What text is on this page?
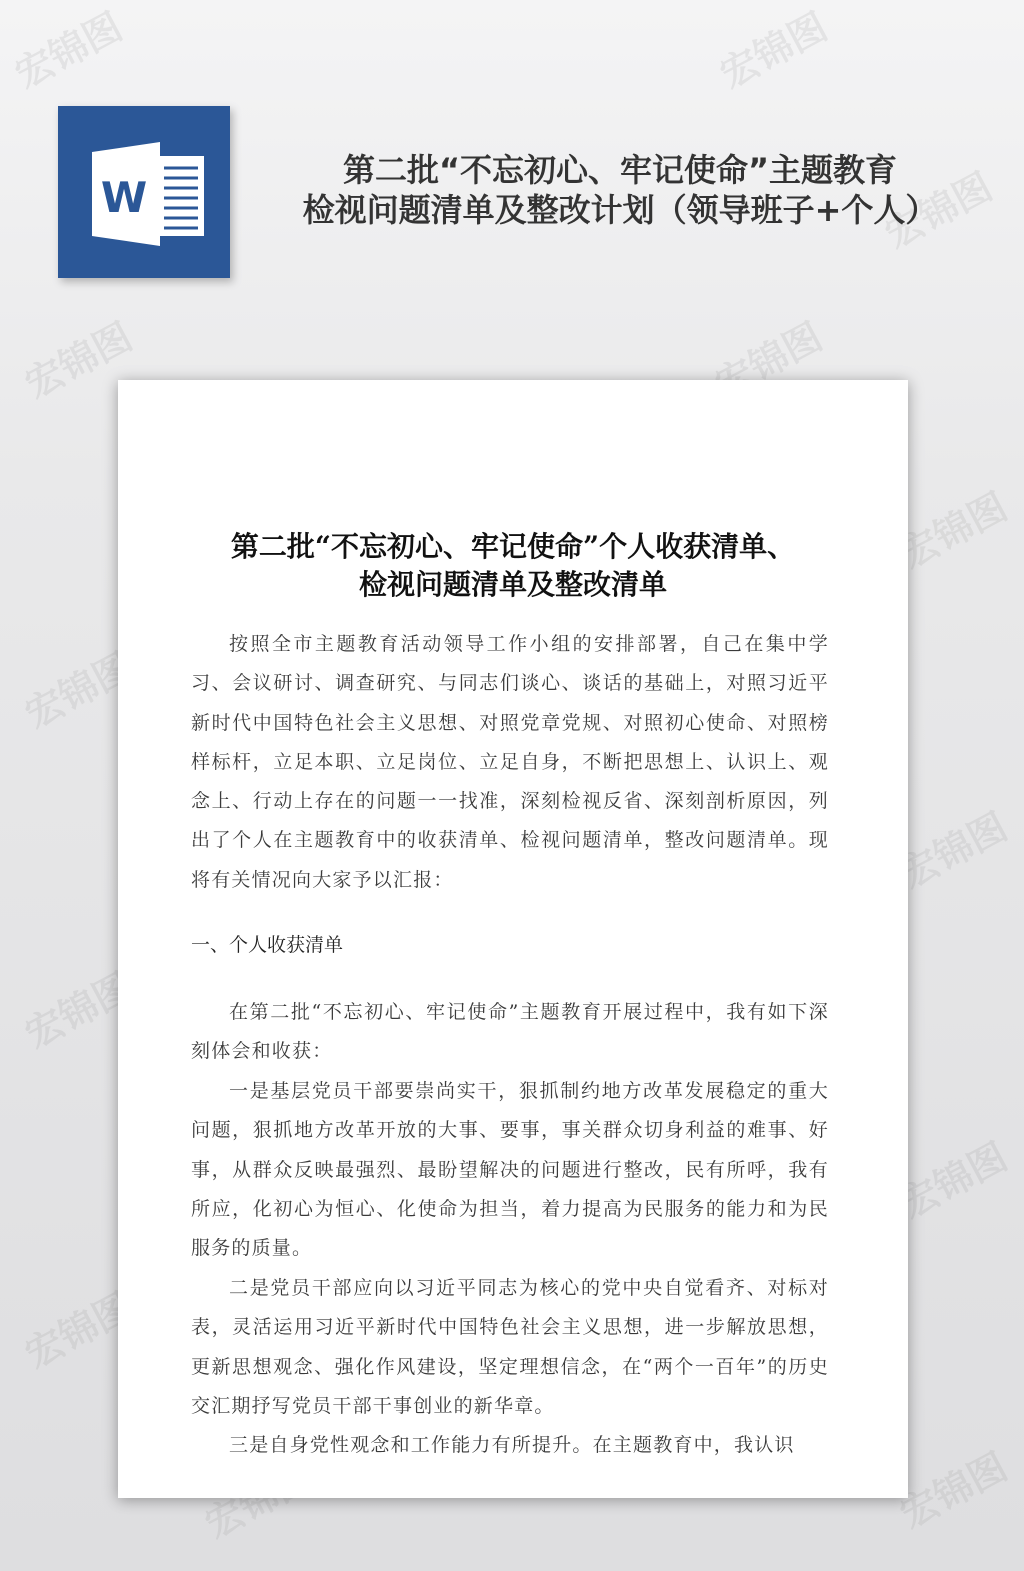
宏锦图	宏锦图
宏锦图
宏锦图	宏锦图
宏锦图
宏锦图
宏锦图
宏锦图
宏锦图
宏锦图
宏锦图	宏锦图
W
第二批“不忘初心、牢记使命”主题教育
检视问题清单及整改计划（领导班子+个人）
第二批“不忘初心、牢记使命”个人收获清单、
检视问题清单及整改清单

按照全市主题教育活动领导工作小组的安排部署，自己在集中学习、会议研讨、调查研究、与同志们谈心、谈话的基础上，对照习近平新时代中国特色社会主义思想、对照党章党规、对照初心使命、对照榜样标杆，立足本职、立足岗位、立足自身，不断把思想上、认识上、观念上、行动上存在的问题一一找准，深刻检视反省、深刻剖析原因，列出了个人在主题教育中的收获清单、检视问题清单，整改问题清单。现将有关情况向大家予以汇报：

一、个人收获清单

在第二批“不忘初心、牢记使命”主题教育开展过程中，我有如下深刻体会和收获：

一是基层党员干部要崇尚实干，狠抓制约地方改革发展稳定的重大问题，狠抓地方改革开放的大事、要事，事关群众切身利益的难事、好事，从群众反映最强烈、最盼望解决的问题进行整改，民有所呼，我有所应，化初心为恒心、化使命为担当，着力提高为民服务的能力和为民服务的质量。

二是党员干部应向以习近平同志为核心的党中央自觉看齐、对标对表，灵活运用习近平新时代中国特色社会主义思想，进一步解放思想，更新思想观念、强化作风建设，坚定理想信念，在“两个一百年”的历史交汇期抒写党员干部干事创业的新华章。

三是自身党性观念和工作能力有所提升。在主题教育中，我认识
